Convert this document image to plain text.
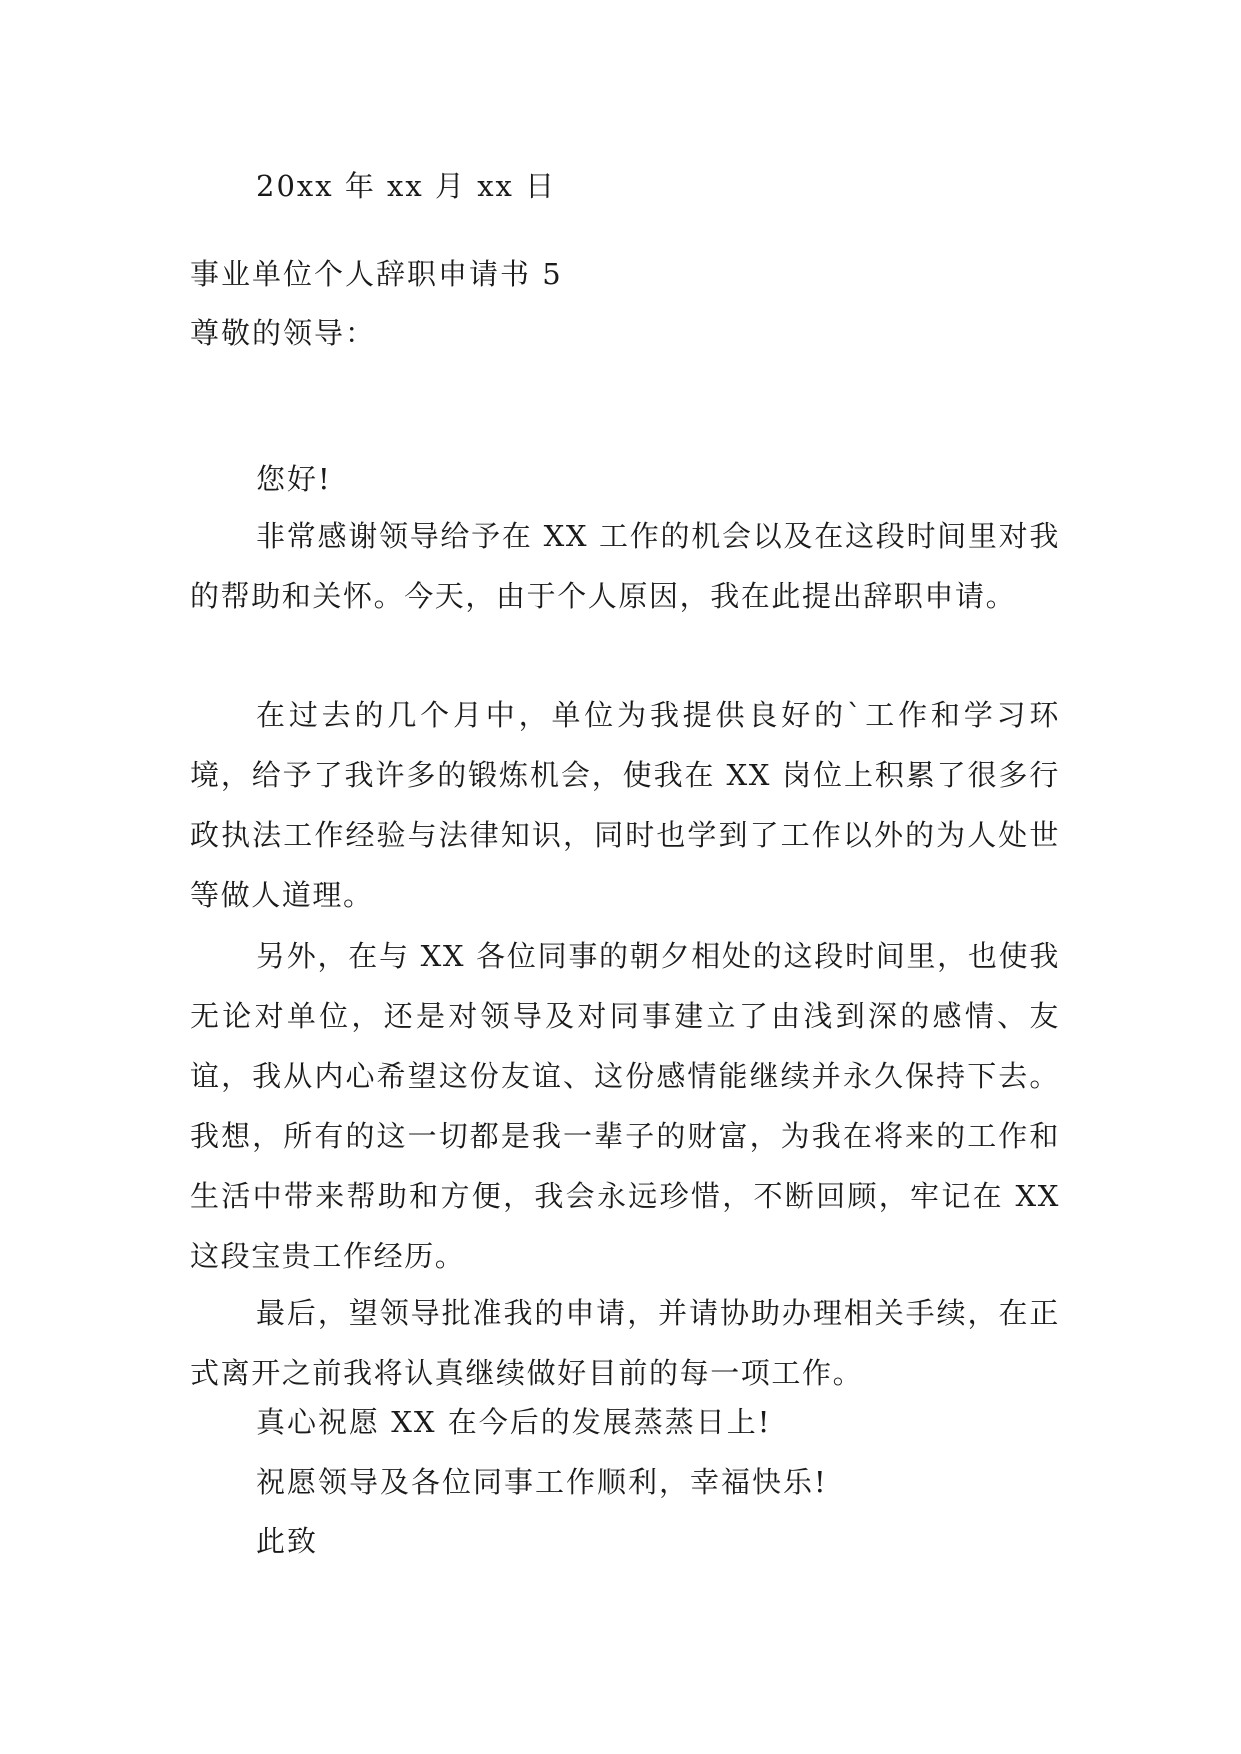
20xx 年 xx 月 xx 日

事业单位个人辞职申请书 5

尊敬的领导：

您好!

非常感谢领导给予在 XX 工作的机会以及在这段时间里对我的帮助和关怀。今天，由于个人原因，我在此提出辞职申请。

在过去的几个月中，单位为我提供良好的`工作和学习环境，给予了我许多的锻炼机会，使我在 XX 岗位上积累了很多行政执法工作经验与法律知识，同时也学到了工作以外的为人处世等做人道理。

另外，在与 XX 各位同事的朝夕相处的这段时间里，也使我无论对单位，还是对领导及对同事建立了由浅到深的感情、友谊，我从内心希望这份友谊、这份感情能继续并永久保持下去。我想，所有的这一切都是我一辈子的财富，为我在将来的工作和生活中带来帮助和方便，我会永远珍惜，不断回顾，牢记在 XX 这段宝贵工作经历。

最后，望领导批准我的申请，并请协助办理相关手续，在正式离开之前我将认真继续做好目前的每一项工作。

真心祝愿 XX 在今后的发展蒸蒸日上!

祝愿领导及各位同事工作顺利，幸福快乐!

此致
